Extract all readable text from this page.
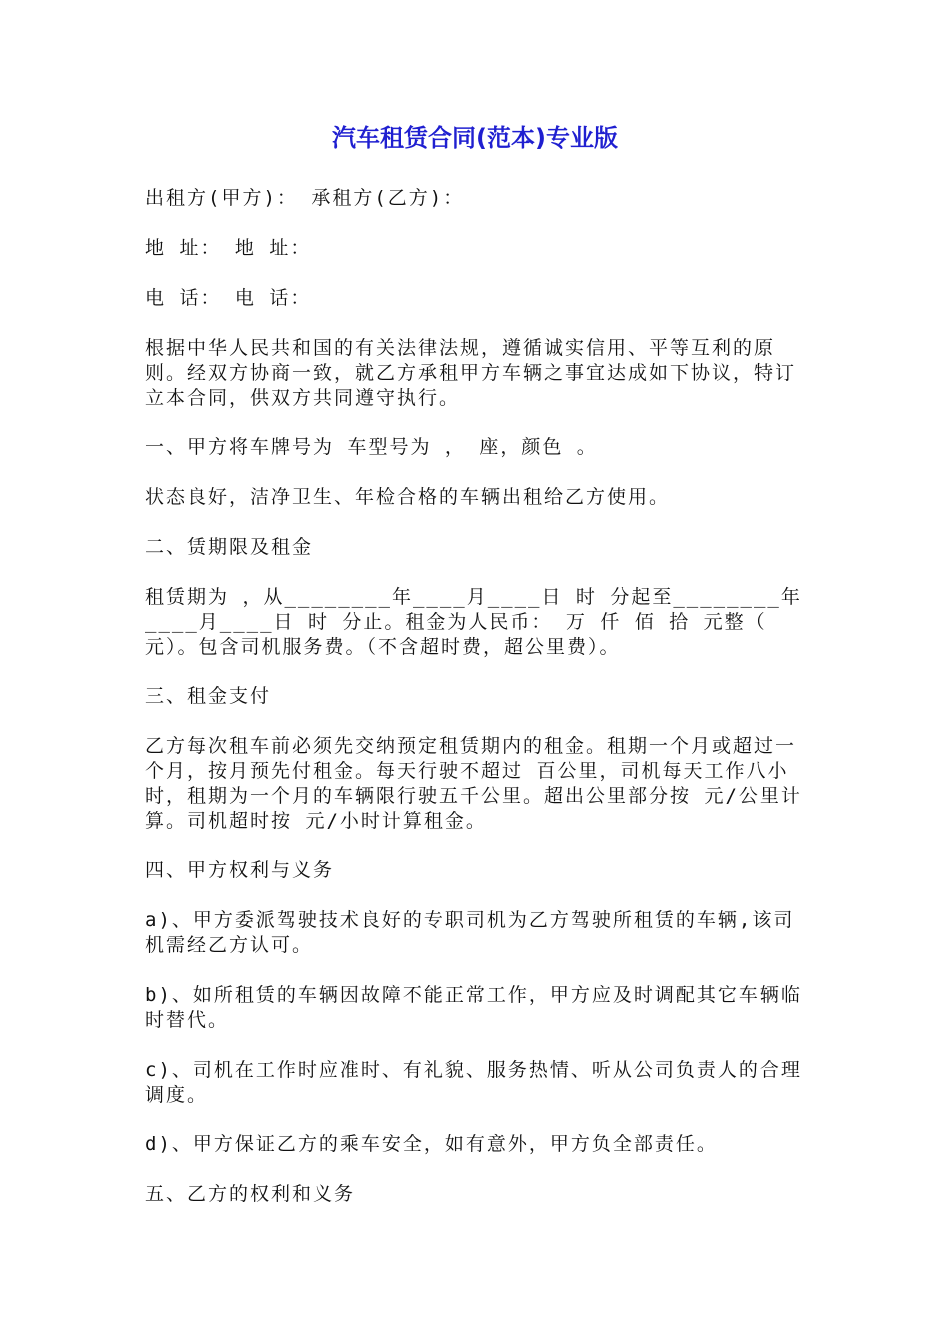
汽车租赁合同(范本)专业版

出租方(甲方)： 承租方(乙方)：

地 址： 地 址：

电 话： 电 话：

根据中华人民共和国的有关法律法规，遵循诚实信用、平等互利的原则。经双方协商一致，就乙方承租甲方车辆之事宜达成如下协议，特订立本合同，供双方共同遵守执行。

一、甲方将车牌号为 车型号为 ， 座，颜色 。

状态良好，洁净卫生、年检合格的车辆出租给乙方使用。

二、赁期限及租金

租赁期为 ，从________年____月____日 时 分起至________年____月____日 时 分止。租金为人民币： 万 仟 佰 拾 元整（ 元）。包含司机服务费。（不含超时费，超公里费）。

三、租金支付

乙方每次租车前必须先交纳预定租赁期内的租金。租期一个月或超过一个月，按月预先付租金。每天行驶不超过 百公里，司机每天工作八小时，租期为一个月的车辆限行驶五千公里。超出公里部分按 元/公里计算。司机超时按 元/小时计算租金。

四、甲方权利与义务

a)、甲方委派驾驶技术良好的专职司机为乙方驾驶所租赁的车辆,该司机需经乙方认可。

b)、如所租赁的车辆因故障不能正常工作，甲方应及时调配其它车辆临时替代。

c)、司机在工作时应准时、有礼貌、服务热情、听从公司负责人的合理调度。

d)、甲方保证乙方的乘车安全，如有意外，甲方负全部责任。

五、乙方的权利和义务
